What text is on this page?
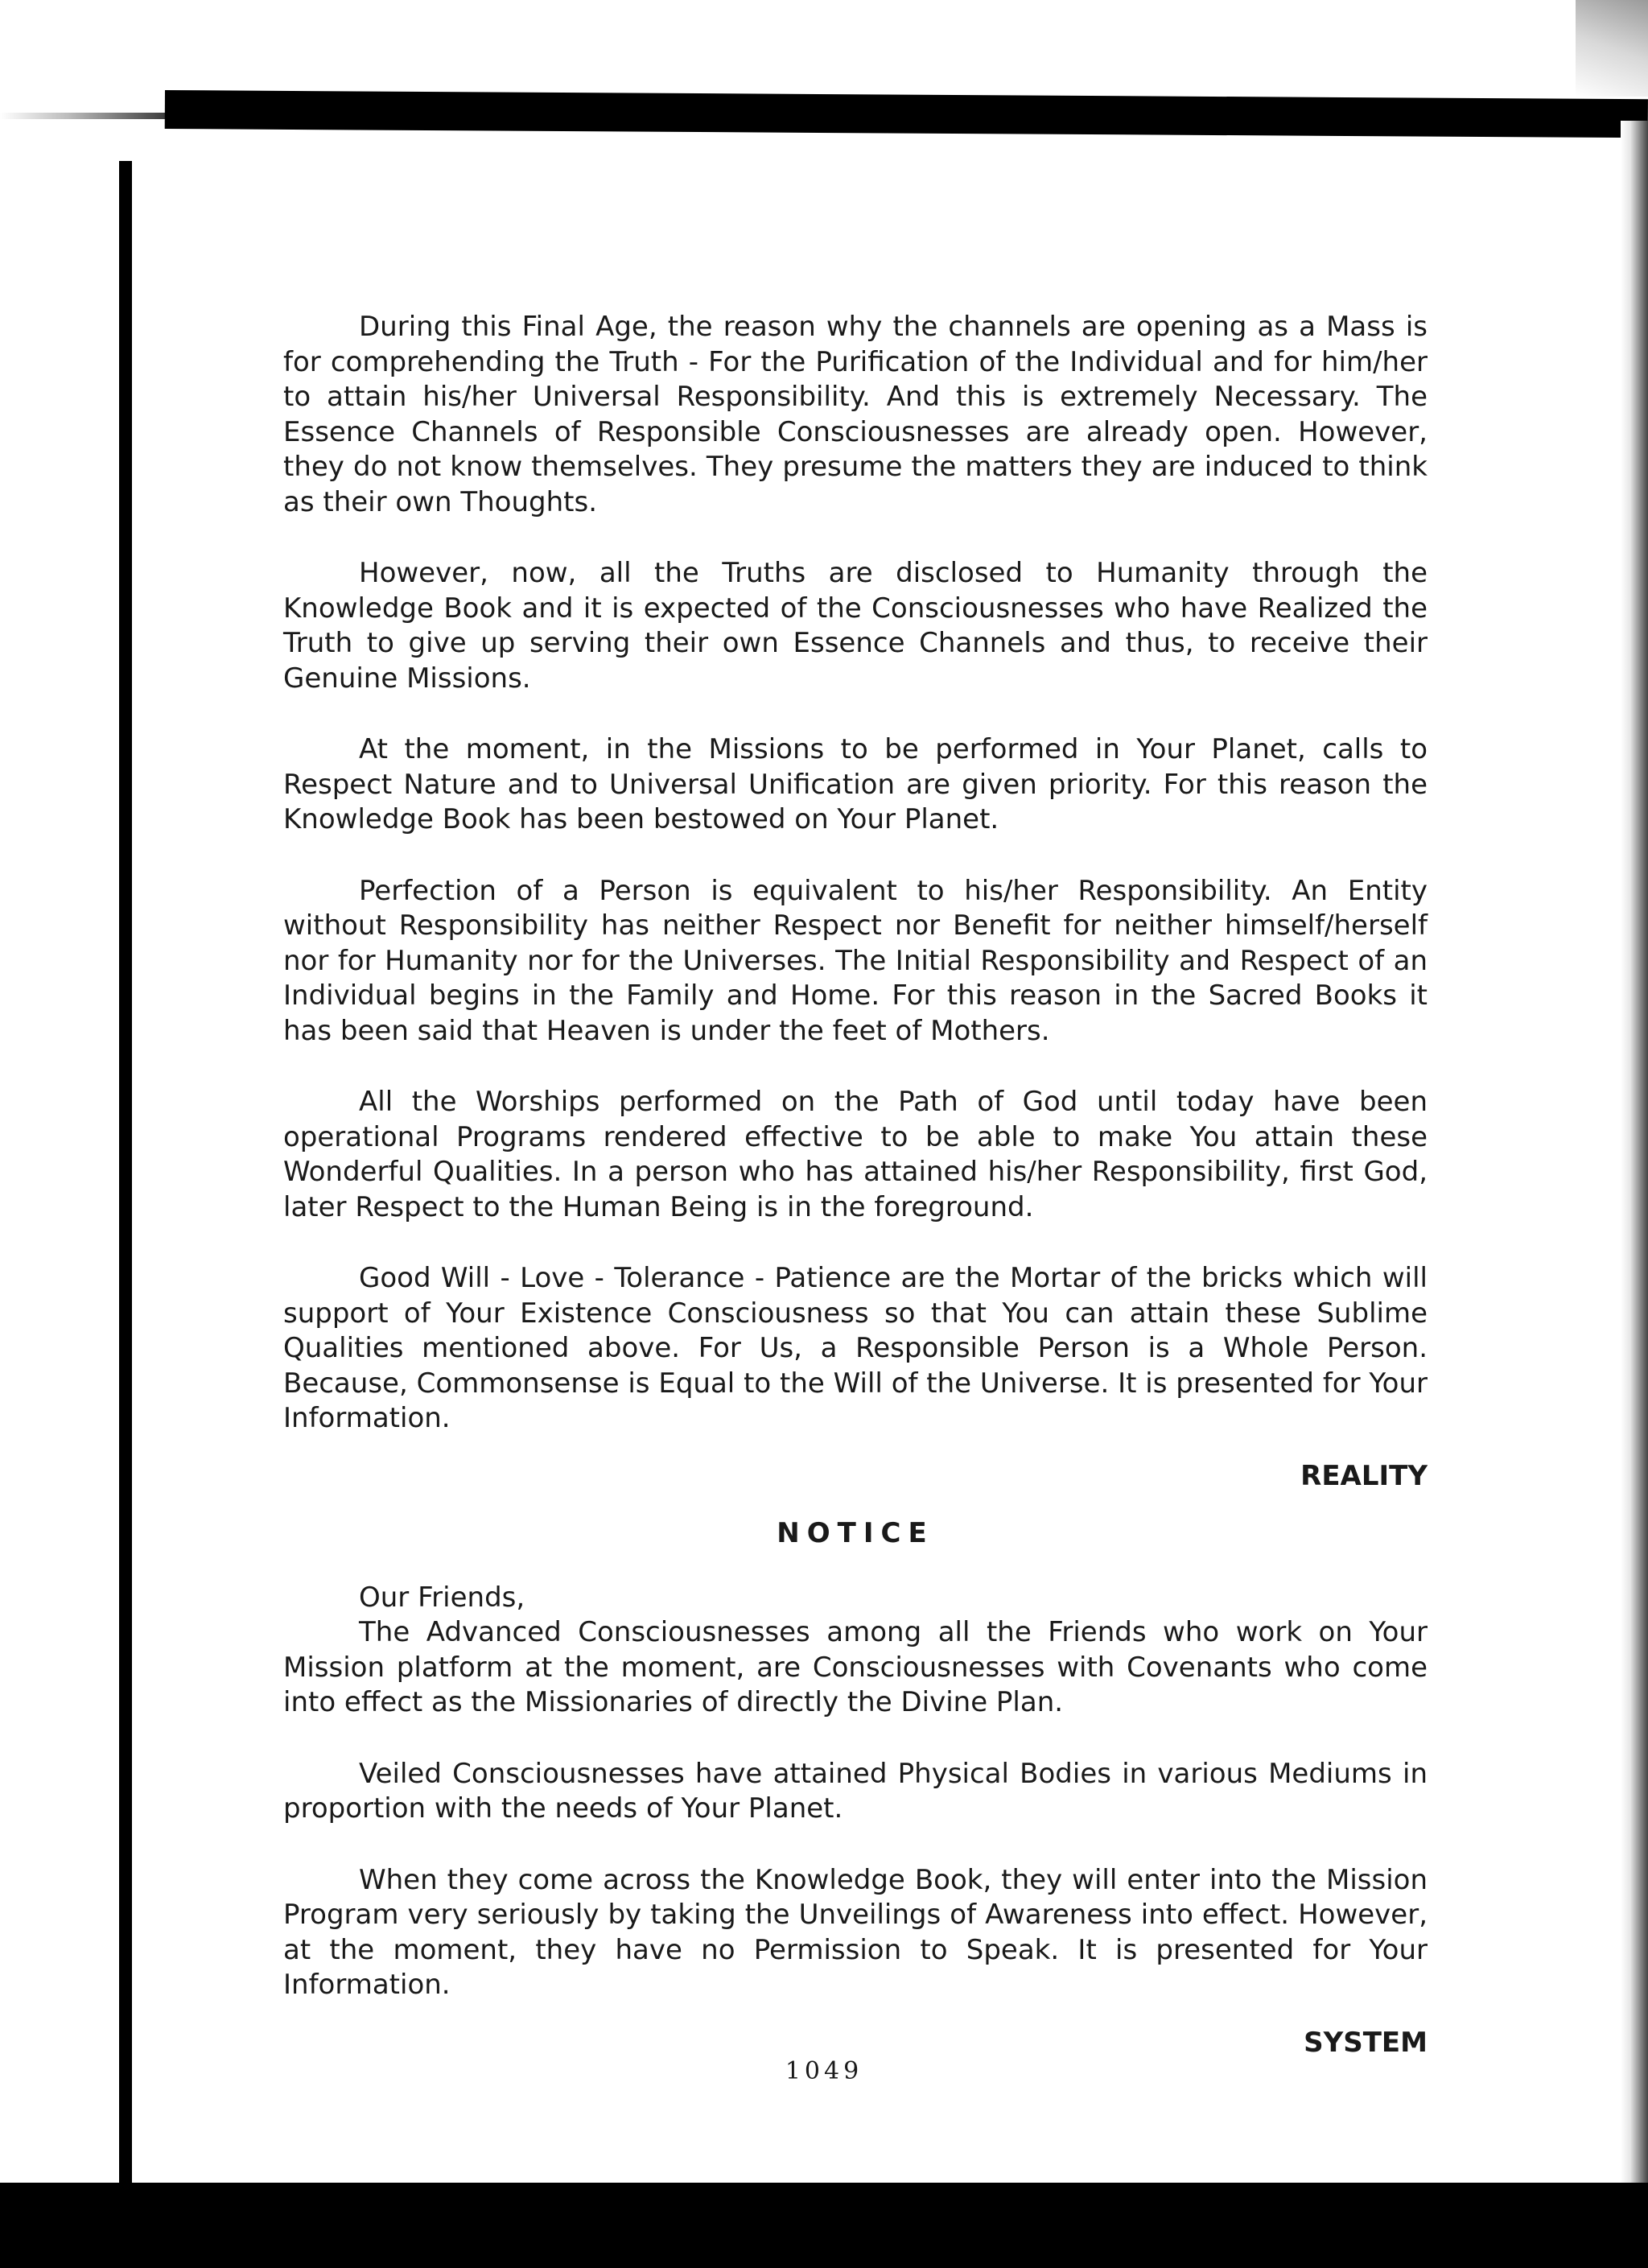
During this Final Age, the reason why the channels are opening as a Mass is for comprehending the Truth - For the Purification of the Individual and for him/her to attain his/her Universal Responsibility. And this is extremely Necessary. The Essence Channels of Responsible Consciousnesses are already open. However, they do not know themselves. They presume the matters they are induced to think as their own Thoughts.

However, now, all the Truths are disclosed to Humanity through the Knowledge Book and it is expected of the Consciousnesses who have Realized the Truth to give up serving their own Essence Channels and thus, to receive their Genuine Missions.

At the moment, in the Missions to be performed in Your Planet, calls to Respect Nature and to Universal Unification are given priority. For this reason the Knowledge Book has been bestowed on Your Planet.

Perfection of a Person is equivalent to his/her Responsibility. An Entity without Responsibility has neither Respect nor Benefit for neither himself/herself nor for Humanity nor for the Universes. The Initial Responsibility and Respect of an Individual begins in the Family and Home. For this reason in the Sacred Books it has been said that Heaven is under the feet of Mothers.

All the Worships performed on the Path of God until today have been operational Programs rendered effective to be able to make You attain these Wonderful Qualities. In a person who has attained his/her Responsibility, first God, later Respect to the Human Being is in the foreground.

Good Will - Love - Tolerance - Patience are the Mortar of the bricks which will support of Your Existence Consciousness so that You can attain these Sublime Qualities mentioned above. For Us, a Responsible Person is a Whole Person. Because, Commonsense is Equal to the Will of the Universe. It is presented for Your Information.

REALITY
NOTICE

Our Friends,

The Advanced Consciousnesses among all the Friends who work on Your Mission platform at the moment, are Consciousnesses with Covenants who come into effect as the Missionaries of directly the Divine Plan.

Veiled Consciousnesses have attained Physical Bodies in various Mediums in proportion with the needs of Your Planet.

When they come across the Knowledge Book, they will enter into the Mission Program very seriously by taking the Unveilings of Awareness into effect. However, at the moment, they have no Permission to Speak. It is presented for Your Information.

SYSTEM
1049
